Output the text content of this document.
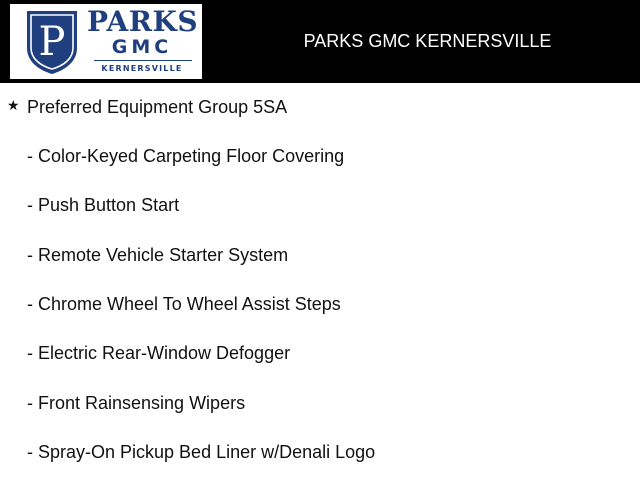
P PARKS
GMC
KERNERSVILLE
PARKS GMC KERNERSVILLE
★ Preferred Equipment Group 5SA
- Color-Keyed Carpeting Floor Covering
- Push Button Start
- Remote Vehicle Starter System
- Chrome Wheel To Wheel Assist Steps
- Electric Rear-Window Defogger
- Front Rainsensing Wipers
- Spray-On Pickup Bed Liner w/Denali Logo
